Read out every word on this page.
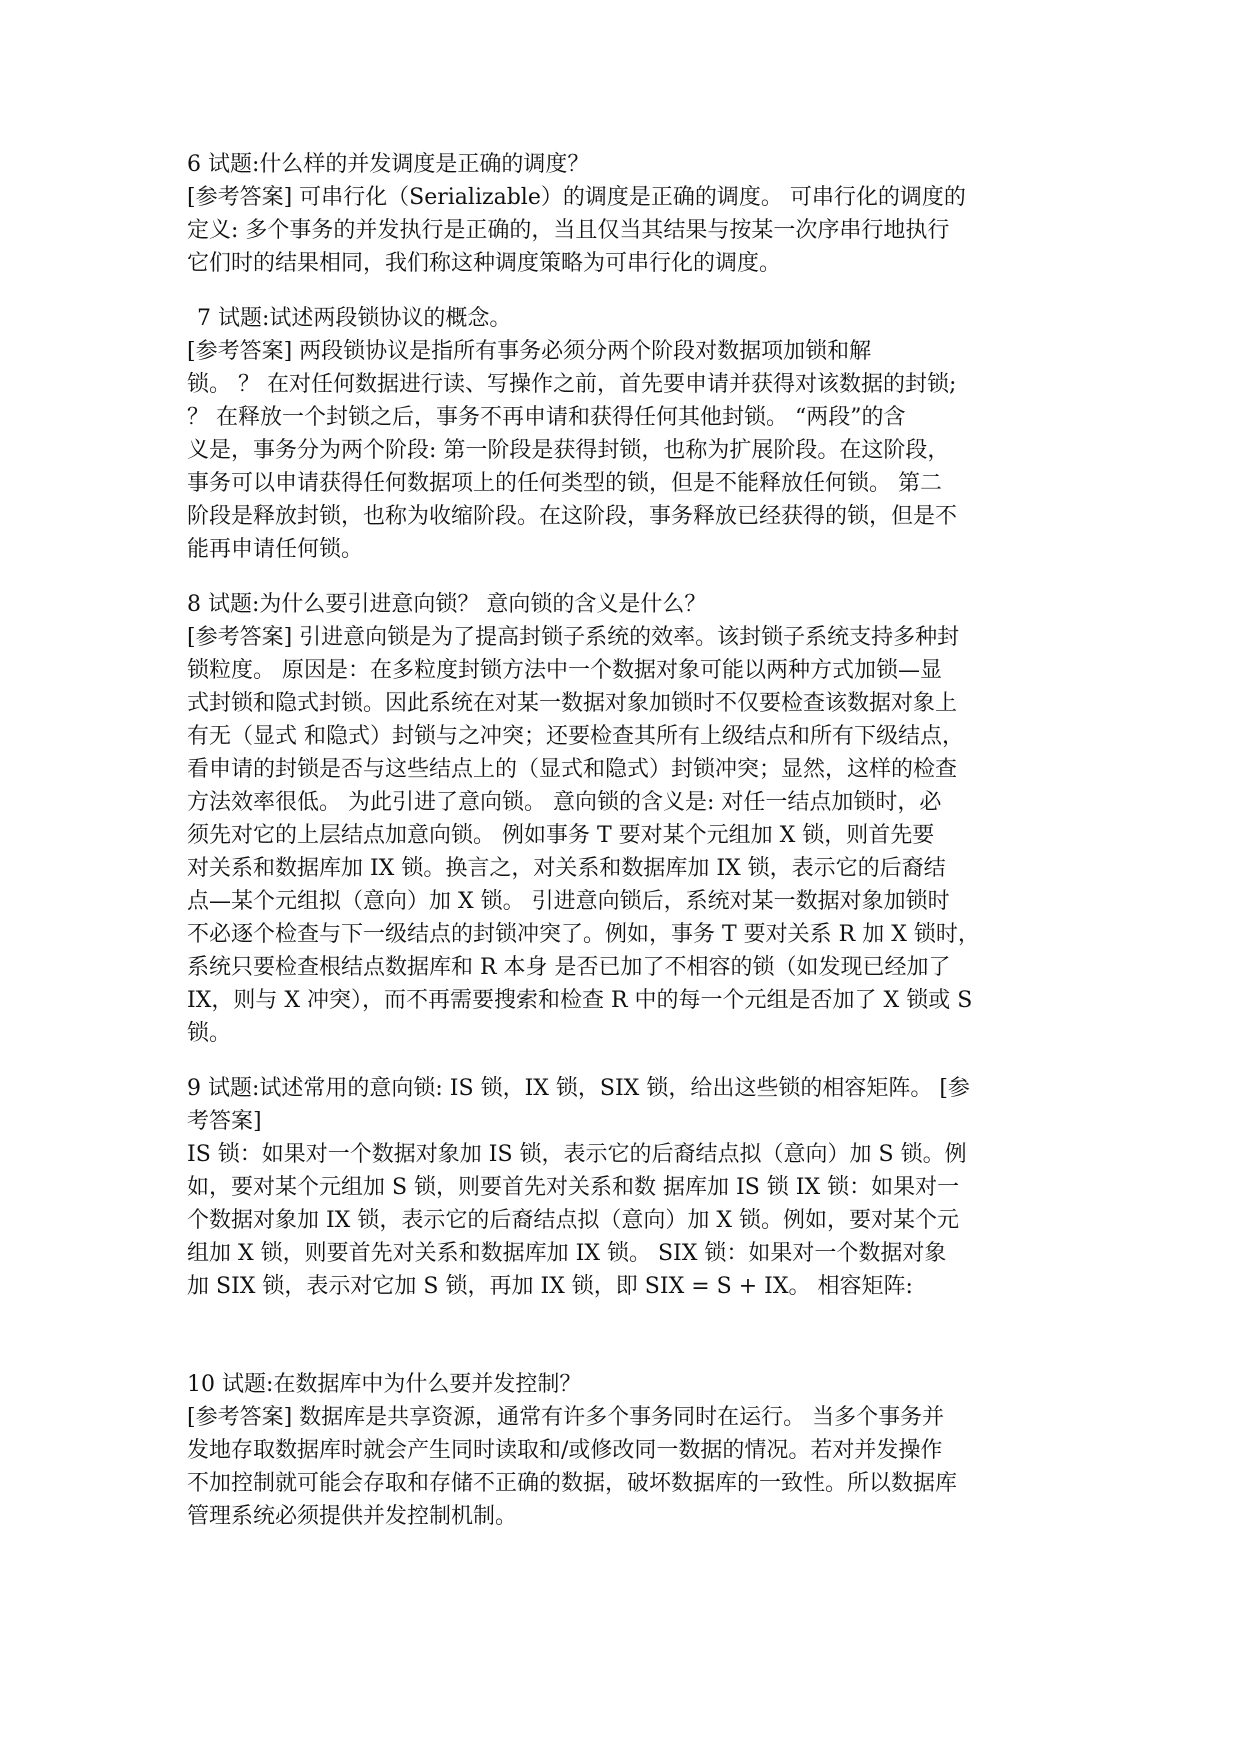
6 试题:什么样的并发调度是正确的调度？
[参考答案] 可串行化（Serializable）的调度是正确的调度。 可串行化的调度的
定义: 多个事务的并发执行是正确的，当且仅当其结果与按某一次序串行地执行
它们时的结果相同，我们称这种调度策略为可串行化的调度。
7 试题:试述两段锁协议的概念。
[参考答案] 两段锁协议是指所有事务必须分两个阶段对数据项加锁和解
锁。 ？ 在对任何数据进行读、写操作之前，首先要申请并获得对该数据的封锁;
？ 在释放一个封锁之后，事务不再申请和获得任何其他封锁。 “两段”的含
义是，事务分为两个阶段: 第一阶段是获得封锁，也称为扩展阶段。在这阶段，
事务可以申请获得任何数据项上的任何类型的锁，但是不能释放任何锁。 第二
阶段是释放封锁，也称为收缩阶段。在这阶段，事务释放已经获得的锁，但是不
能再申请任何锁。
8 试题:为什么要引进意向锁？ 意向锁的含义是什么？
[参考答案] 引进意向锁是为了提高封锁子系统的效率。该封锁子系统支持多种封
锁粒度。 原因是：在多粒度封锁方法中一个数据对象可能以两种方式加锁—显
式封锁和隐式封锁。因此系统在对某一数据对象加锁时不仅要检查该数据对象上
有无（显式 和隐式）封锁与之冲突；还要检查其所有上级结点和所有下级结点，
看申请的封锁是否与这些结点上的（显式和隐式）封锁冲突；显然，这样的检查
方法效率很低。 为此引进了意向锁。 意向锁的含义是: 对任一结点加锁时，必
须先对它的上层结点加意向锁。 例如事务 T 要对某个元组加 X 锁，则首先要
对关系和数据库加 IX 锁。换言之，对关系和数据库加 IX 锁，表示它的后裔结
点—某个元组拟（意向）加 X 锁。 引进意向锁后，系统对某一数据对象加锁时
不必逐个检查与下一级结点的封锁冲突了。例如，事务 T 要对关系 R 加 X 锁时，
系统只要检查根结点数据库和 R 本身 是否已加了不相容的锁（如发现已经加了
IX，则与 X 冲突），而不再需要搜索和检查 R 中的每一个元组是否加了 X 锁或 S
锁。
9 试题:试述常用的意向锁: IS 锁，IX 锁，SIX 锁，给出这些锁的相容矩阵。 [参
考答案]
IS 锁：如果对一个数据对象加 IS 锁，表示它的后裔结点拟（意向）加 S 锁。例
如，要对某个元组加 S 锁，则要首先对关系和数 据库加 IS 锁 IX 锁：如果对一
个数据对象加 IX 锁，表示它的后裔结点拟（意向）加 X 锁。例如，要对某个元
组加 X 锁，则要首先对关系和数据库加 IX 锁。 SIX 锁：如果对一个数据对象
加 SIX 锁，表示对它加 S 锁，再加 IX 锁，即 SIX = S + IX。 相容矩阵:
10 试题:在数据库中为什么要并发控制？
[参考答案] 数据库是共享资源，通常有许多个事务同时在运行。 当多个事务并
发地存取数据库时就会产生同时读取和/或修改同一数据的情况。若对并发操作
不加控制就可能会存取和存储不正确的数据，破坏数据库的一致性。所以数据库
管理系统必须提供并发控制机制。
